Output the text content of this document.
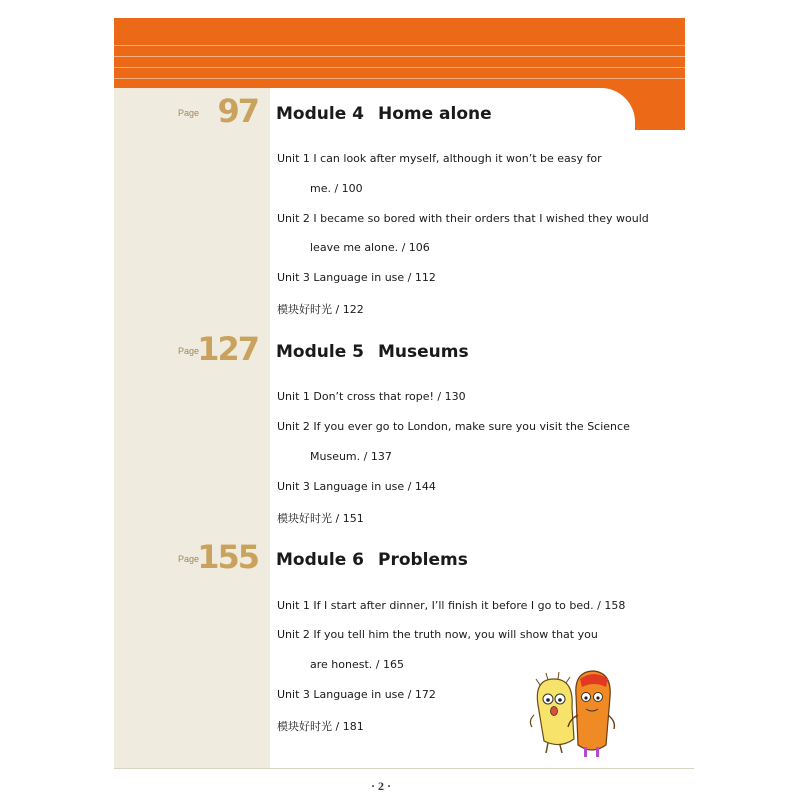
Page 97 Module 4 Home alone
Unit 1 I can look after myself, although it won’t be easy for
me. / 100
Unit 2 I became so bored with their orders that I wished they would
leave me alone. / 106
Unit 3 Language in use / 112
模块好时光 / 122
Page
127 Module 5 Museums
Unit 1 Don’t cross that rope! / 130
Unit 2 If you ever go to London, make sure you visit the Science
Museum. / 137
Unit 3 Language in use / 144
模块好时光 / 151
Page
155 Module 6 Problems
Unit 1 If I start after dinner, I’ll finish it before I go to bed. / 158
Unit 2 If you tell him the truth now, you will show that you
are honest. / 165
Unit 3 Language in use / 172
模块好时光 / 181
· 2 ·
